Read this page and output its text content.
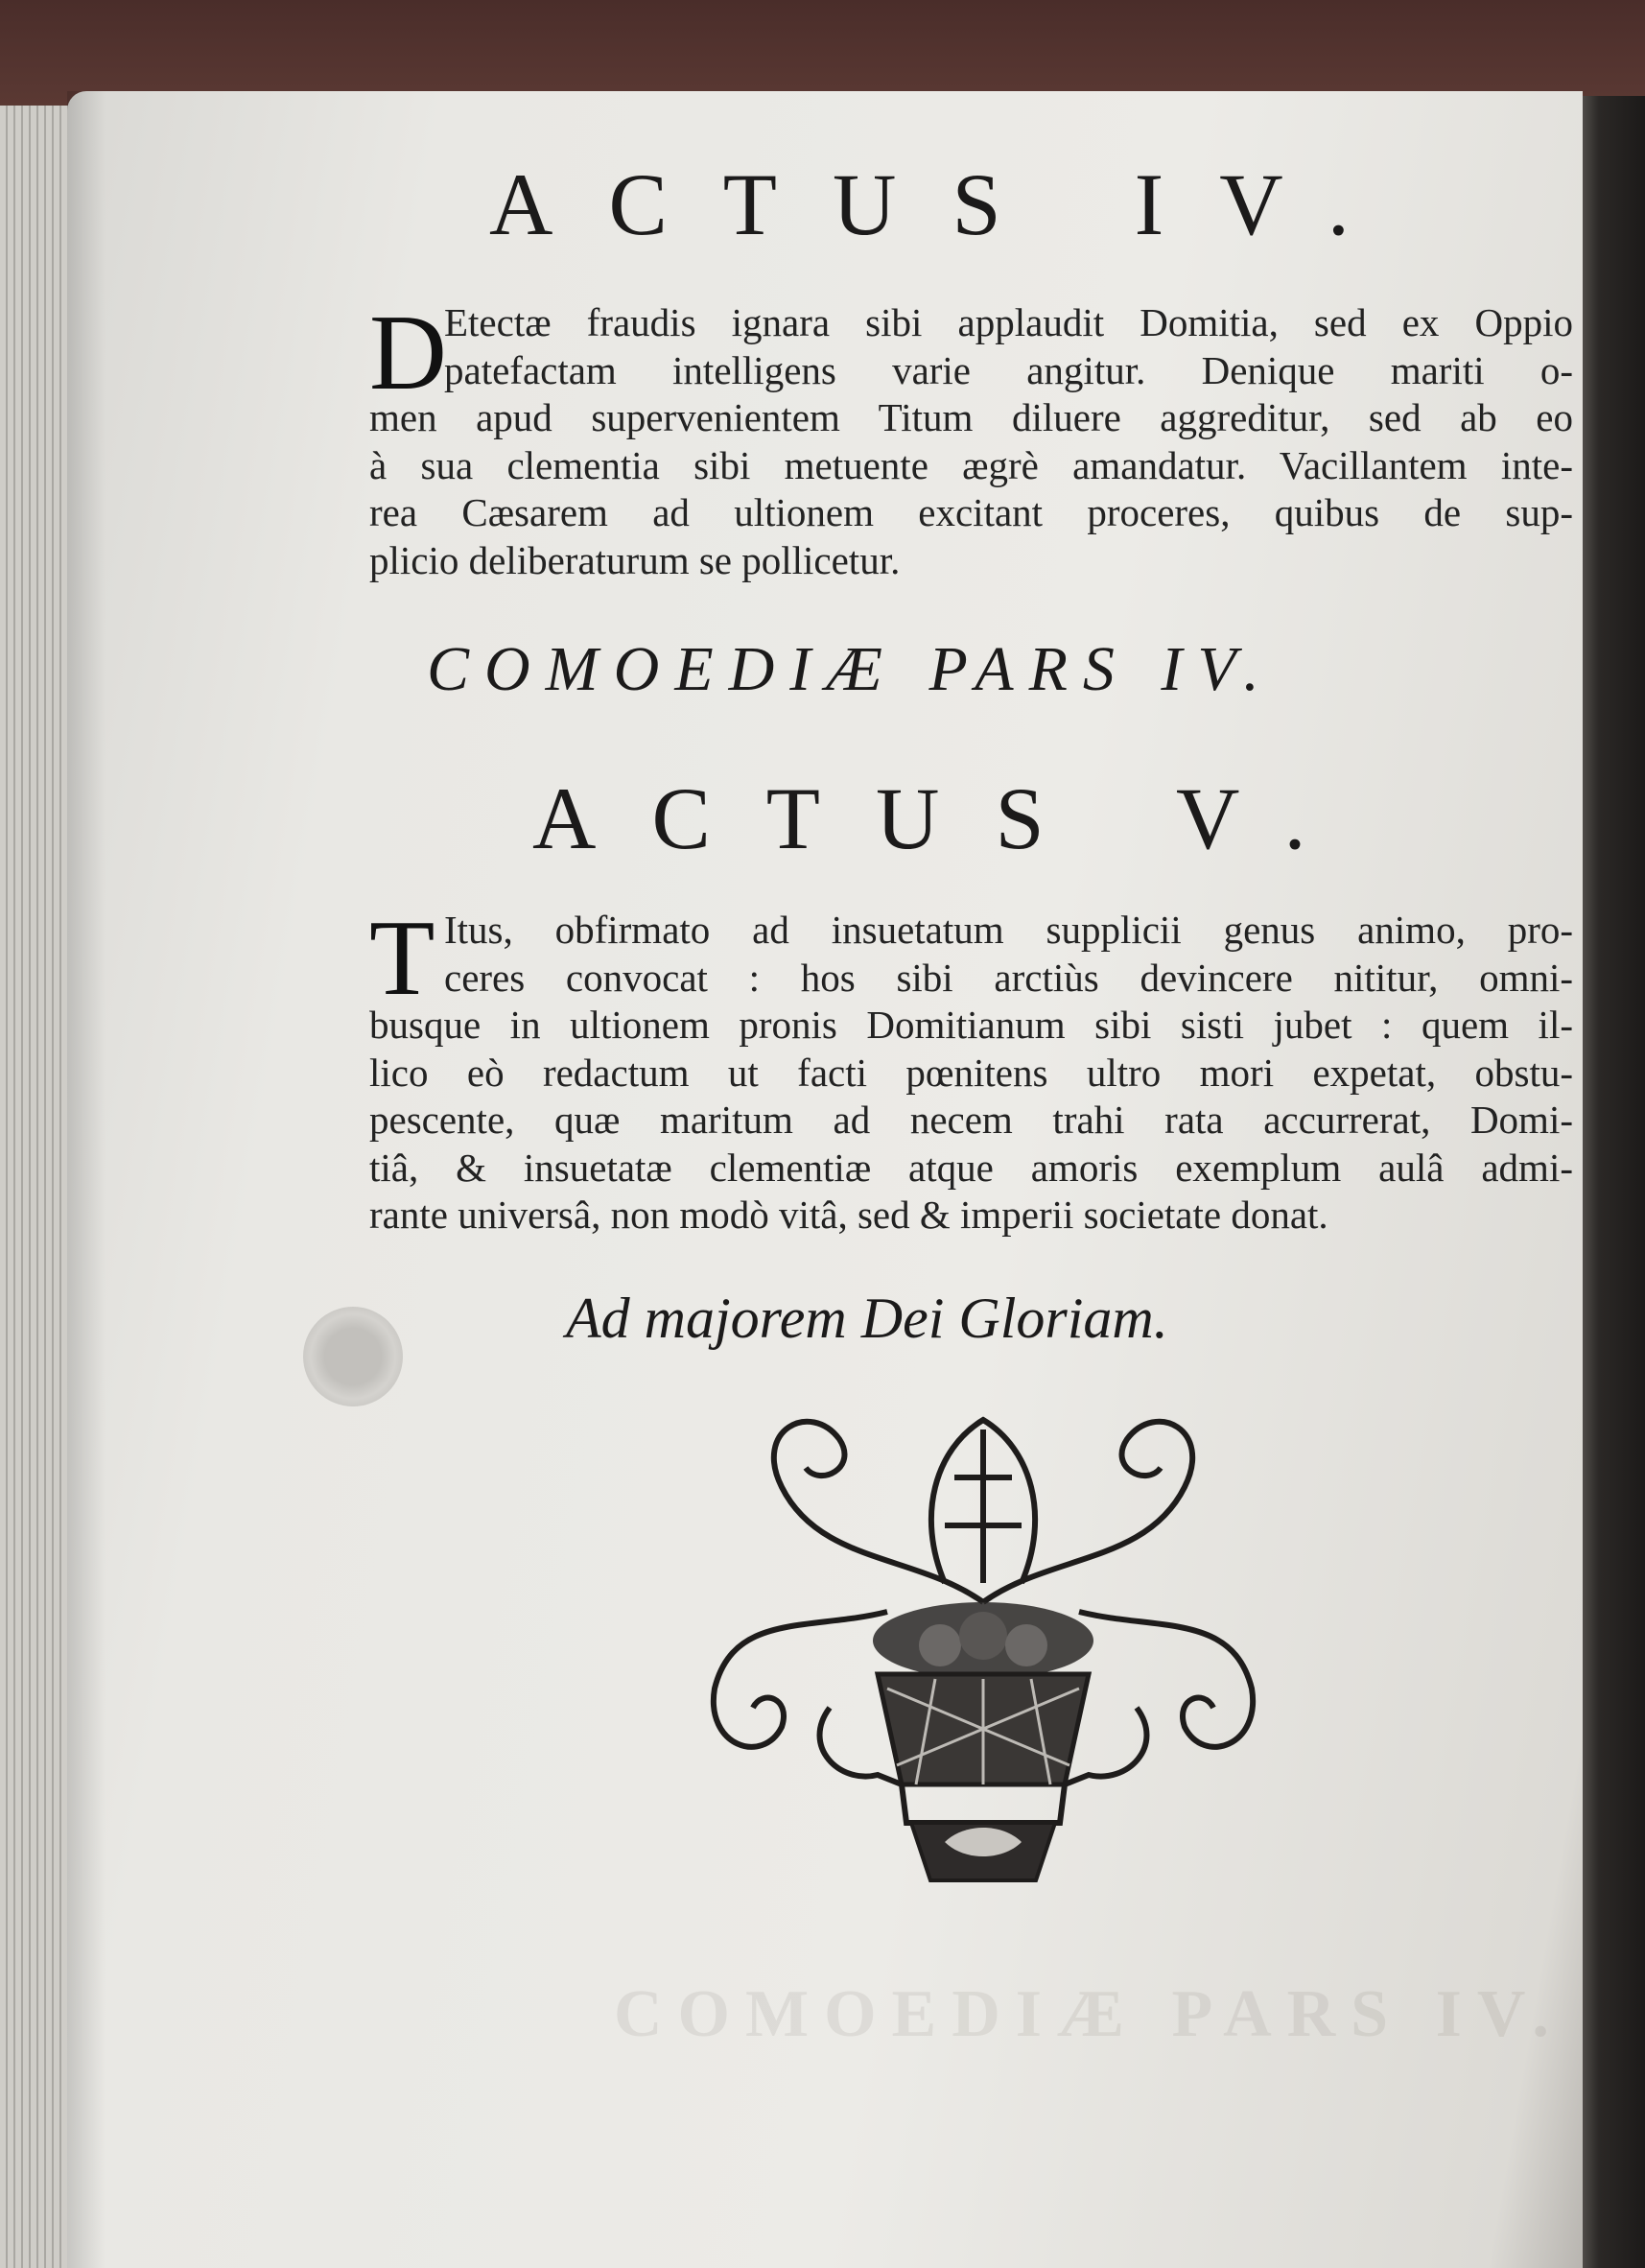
COMOEDIÆ PARS IV.
ACTUS IV.
D
Etectæ fraudis ignara sibi applaudit Domitia, sed ex Oppio
patefactam intelligens varie angitur. Denique mariti o-
men apud supervenientem Titum diluere aggreditur, sed ab eo
à sua clementia sibi metuente ægrè amandatur. Vacillantem inte-
rea Cæsarem ad ultionem excitant proceres, quibus de sup-
plicio deliberaturum se pollicetur.
COMOEDIÆ PARS IV.
ACTUS V.
T Itus, obfirmato ad insuetatum supplicii genus animo, pro-
ceres convocat : hos sibi arctiùs devincere nititur, omni-
busque in ultionem pronis Domitianum sibi sisti jubet : quem il-
lico eò redactum ut facti pœnitens ultro mori expetat, obstu-
pescente, quæ maritum ad necem trahi rata accurrerat, Domi-
tiâ, & insuetatæ clementiæ atque amoris exemplum aulâ admi-
rante universâ, non modò vitâ, sed & imperii societate donat.
Ad majorem Dei Gloriam.
